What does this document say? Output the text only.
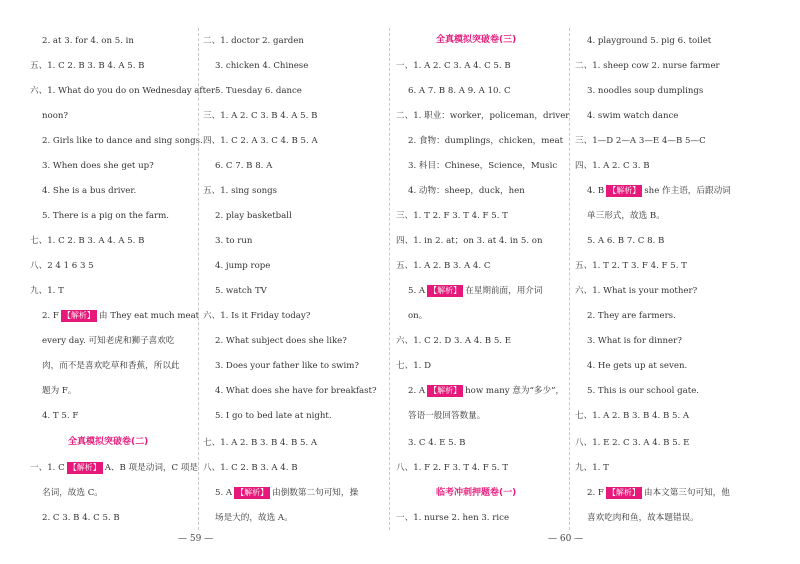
2. at 3. for 4. on 5. in
五、1. C 2. B 3. B 4. A 5. B
六、1. What do you do on Wednesday after-
noon?
2. Girls like to dance and sing songs.
3. When does she get up?
4. She is a bus driver.
5. There is a pig on the farm.
七、1. C 2. B 3. A 4. A 5. B
八、2 4 1 6 3 5
九、1. T
2. F 【解析】 由 They eat much meat
every day. 可知老虎和狮子喜欢吃
肉，而不是喜欢吃草和香蕉，所以此
题为 F。
4. T 5. F
全真模拟突破卷(二)
一、1. C 【解析】 A、B 项是动词，C 项是
名词，故选 C。
2. C 3. B 4. C 5. B
二、1. doctor 2. garden
3. chicken 4. Chinese
5. Tuesday 6. dance
三、1. A 2. C 3. B 4. A 5. B
四、1. C 2. A 3. C 4. B 5. A
6. C 7. B 8. A
五、1. sing songs
2. play basketball
3. to run
4. jump rope
5. watch TV
六、1. Is it Friday today?
2. What subject does she like?
3. Does your father like to swim?
4. What does she have for breakfast?
5. I go to bed late at night.
七、1. A 2. B 3. B 4. B 5. A
八、1. C 2. B 3. A 4. B
5. A 【解析】 由倒数第二句可知，操
场是大的，故选 A。
全真模拟突破卷(三)
一、1. A 2. C 3. A 4. C 5. B
6. A 7. B 8. A 9. A 10. C
二、1. 职业：worker，policeman，driver
2. 食物：dumplings，chicken，meat
3. 科目：Chinese，Science，Music
4. 动物：sheep，duck，hen
三、1. T 2. F 3. T 4. F 5. T
四、1. in 2. at；on 3. at 4. in 5. on
五、1. A 2. B 3. A 4. C
5. A 【解析】 在星期前面，用介词
on。
六、1. C 2. D 3. A 4. B 5. E
七、1. D
2. A 【解析】 how many 意为“多少”，
答语一般回答数量。
3. C 4. E 5. B
八、1. F 2. F 3. T 4. F 5. T
临考冲刺押题卷(一)
一、1. nurse 2. hen 3. rice
4. playground 5. pig 6. toilet
二、1. sheep cow 2. nurse farmer
3. noodles soup dumplings
4. swim watch dance
三、1—D 2—A 3—E 4—B 5—C
四、1. A 2. C 3. B
4. B 【解析】 she 作主语，后跟动词
单三形式，故选 B。
5. A 6. B 7. C 8. B
五、1. T 2. T 3. F 4. F 5. T
六、1. What is your mother?
2. They are farmers.
3. What is for dinner?
4. He gets up at seven.
5. This is our school gate.
七、1. A 2. B 3. B 4. B 5. A
八、1. E 2. C 3. A 4. B 5. E
九、1. T
2. F 【解析】 由本文第三句可知，他
喜欢吃肉和鱼，故本题错误。
— 59 —	— 60 —
